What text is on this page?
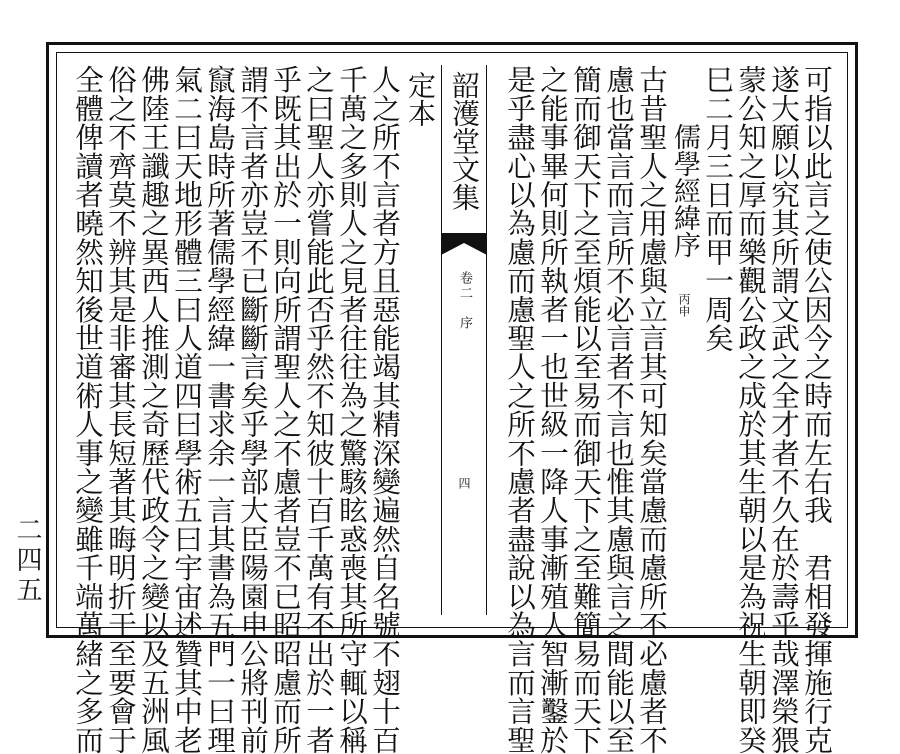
可指以此言之使公因今之時而左右我　君相發揮施行克
遂大願以究其所謂文武之全才者不久在於壽乎哉澤榮猥
蒙公知之厚而樂觀公政之成於其生朝以是為祝生朝即癸
巳二月三日而甲一周矣
儒學經緯序丙申
古昔聖人之用慮與立言其可知矣當慮而慮所不必慮者不
慮也當言而言所不必言者不言也惟其慮與言之間能以至
簡而御天下之至煩能以至易而御天下之至難簡易而天下
之能事畢何則所執者一也世級一降人事漸殖人智漸鑿於
是乎盡心以為慮而慮聖人之所不慮者盡說以為言而言聖
韶濩堂文集定本
卷二　序
四
人之所不言者方且惡能竭其精深變遍然自名號不翅十百
千萬之多則人之見者往往為之驚駭眩惑喪其所守輒以稱
之曰聖人亦嘗能此否乎然不知彼十百千萬有不出於一者
乎既其出於一則向所謂聖人之不慮者豈不已昭昭慮而所
謂不言者亦豈不已斷斷言矣乎學部大臣陽園申公將刊前
竄海島時所著儒學經緯一書求余一言其書為五門一曰理
氣二曰天地形體三曰人道四曰學術五曰宇宙述贊其中老
佛陸王讖趣之異西人推測之奇歷代政令之變以及五洲風
俗之不齊莫不辨其是非審其長短著其晦明折于至要會于
全體俾讀者曉然知後世道術人事之變雖千端萬緒之多而
二四五
